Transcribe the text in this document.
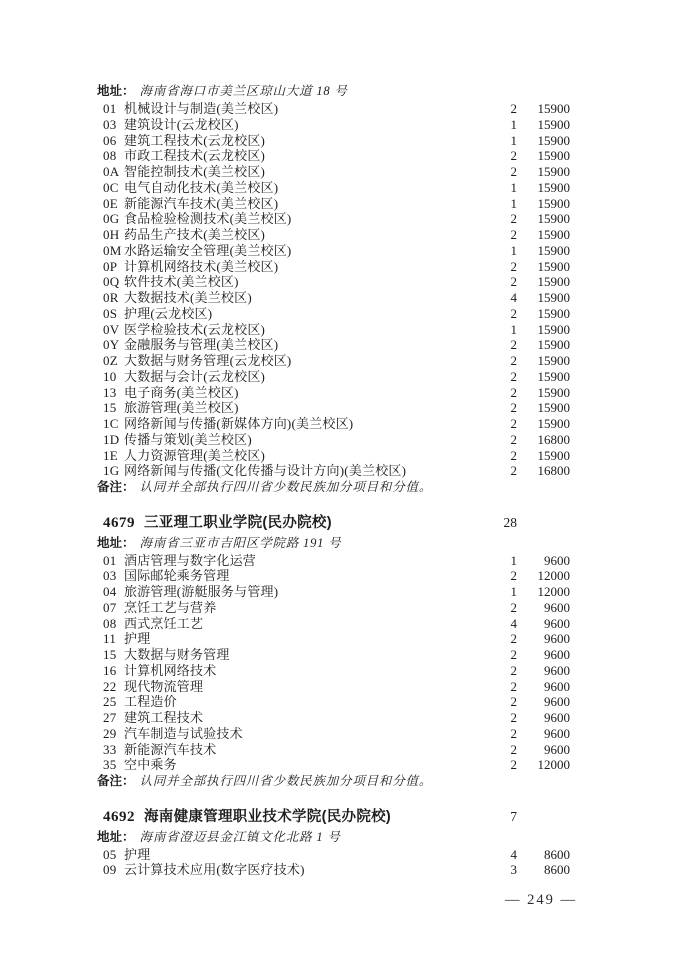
地址： 海南省海口市美兰区琼山大道 18 号
01 机械设计与制造(美兰校区)	2	15900
03 建筑设计(云龙校区)	1	15900
06 建筑工程技术(云龙校区)	1	15900
08 市政工程技术(云龙校区)	2	15900
0A 智能控制技术(美兰校区)	2	15900
0C 电气自动化技术(美兰校区)	1	15900
0E 新能源汽车技术(美兰校区)	1	15900
0G 食品检验检测技术(美兰校区)	2	15900
0H 药品生产技术(美兰校区)	2	15900
0M 水路运输安全管理(美兰校区)	1	15900
0P 计算机网络技术(美兰校区)	2	15900
0Q 软件技术(美兰校区)	2	15900
0R 大数据技术(美兰校区)	4	15900
0S 护理(云龙校区)	2	15900
0V 医学检验技术(云龙校区)	1	15900
0Y 金融服务与管理(美兰校区)	2	15900
0Z 大数据与财务管理(云龙校区)	2	15900
10 大数据与会计(云龙校区)	2	15900
13 电子商务(美兰校区)	2	15900
15 旅游管理(美兰校区)	2	15900
1C 网络新闻与传播(新媒体方向)(美兰校区)	2	15900
1D 传播与策划(美兰校区)	2	16800
1E 人力资源管理(美兰校区)	2	15900
1G 网络新闻与传播(文化传播与设计方向)(美兰校区)	2	16800
备注： 认同并全部执行四川省少数民族加分项目和分值。
4679 三亚理工职业学院(民办院校)	28
地址： 海南省三亚市吉阳区学院路 191 号
01 酒店管理与数字化运营	1	9600
03 国际邮轮乘务管理	2	12000
04 旅游管理(游艇服务与管理)	1	12000
07 烹饪工艺与营养	2	9600
08 西式烹饪工艺	4	9600
11 护理	2	9600
15 大数据与财务管理	2	9600
16 计算机网络技术	2	9600
22 现代物流管理	2	9600
25 工程造价	2	9600
27 建筑工程技术	2	9600
29 汽车制造与试验技术	2	9600
33 新能源汽车技术	2	9600
35 空中乘务	2	12000
备注： 认同并全部执行四川省少数民族加分项目和分值。
4692 海南健康管理职业技术学院(民办院校)	7
地址： 海南省澄迈县金江镇文化北路 1 号
05 护理	4	8600
09 云计算技术应用(数字医疗技术)	3	8600
— 249 —
